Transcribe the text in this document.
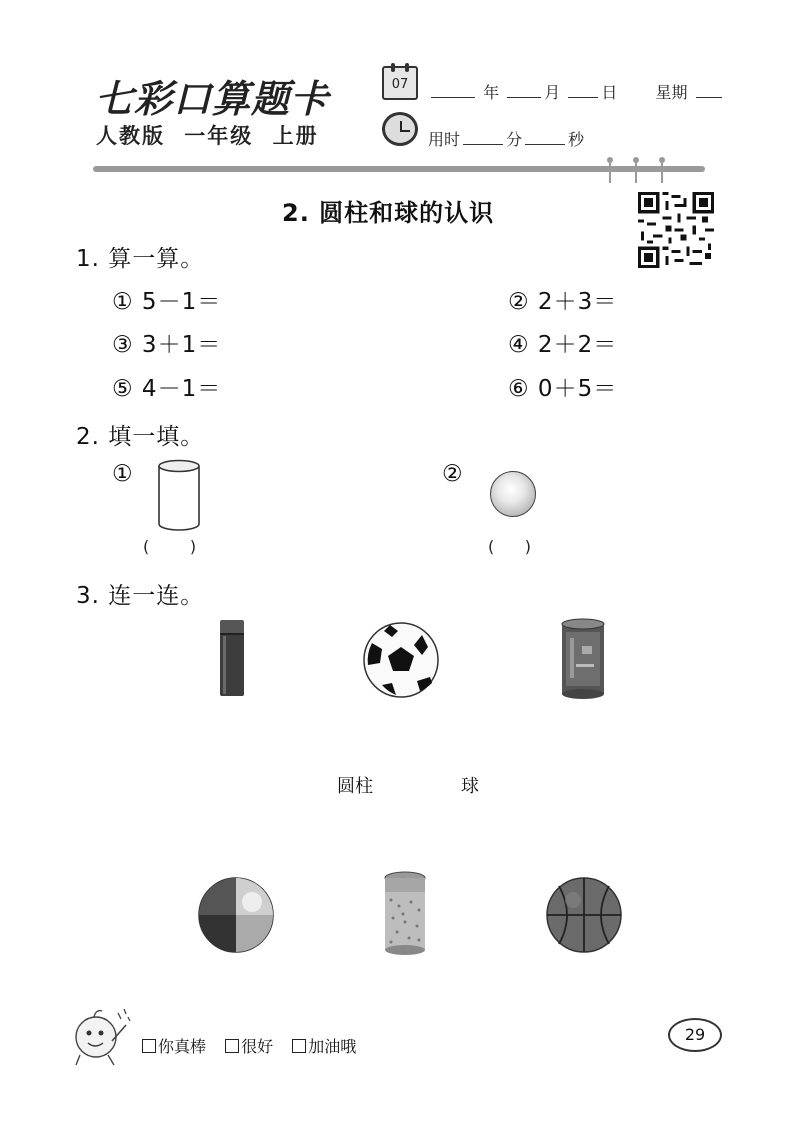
七彩口算题卡
人教版 一年级 上册
07	年	月	日 星期
用时	分	秒
2. 圆柱和球的认识
1. 算一算。
① 5－1＝	② 2＋3＝
③ 3＋1＝	④ 2＋2＝
⑤ 4－1＝	⑥ 0＋5＝
2. 填一填。
①	②
(        )	(      )
3. 连一连。
圆柱	球
你真棒 很好 加油哦
29
